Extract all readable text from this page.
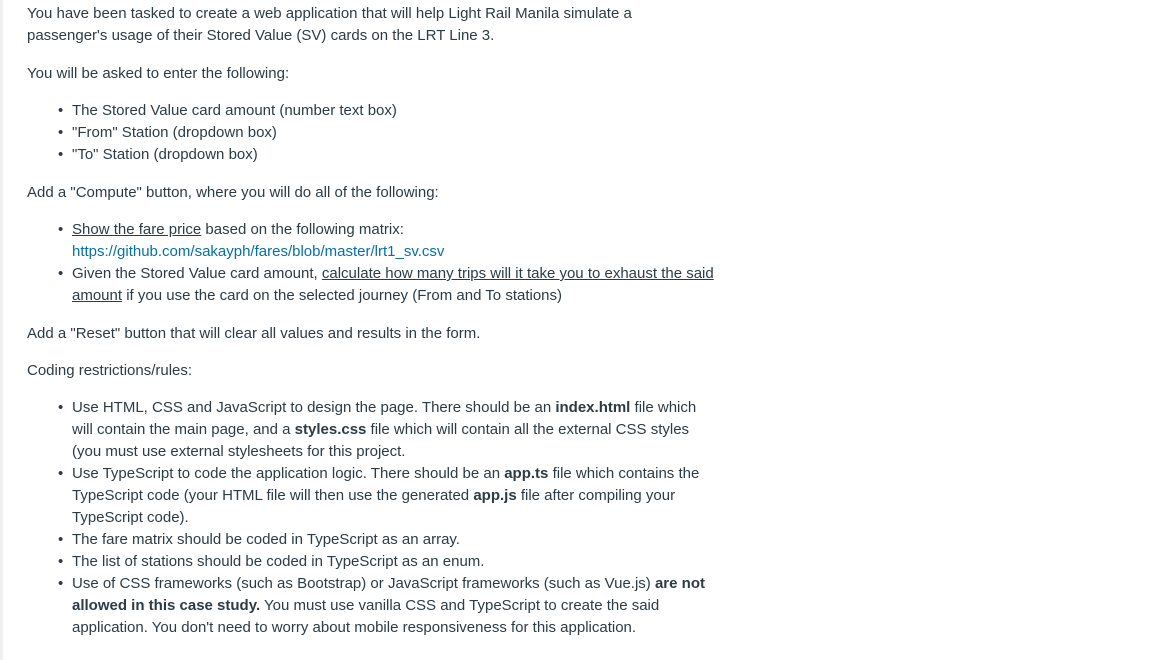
You have been tasked to create a web application that will help Light Rail Manila simulate a
passenger's usage of their Stored Value (SV) cards on the LRT Line 3.

You will be asked to enter the following:

• The Stored Value card amount (number text box)
• "From" Station (dropdown box)
• "To" Station (dropdown box)

Add a "Compute" button, where you will do all of the following:

• Show the fare price based on the following matrix:
https://github.com/sakayph/fares/blob/master/lrt1_sv.csv
• Given the Stored Value card amount, calculate how many trips will it take you to exhaust the said amount if you use the card on the selected journey (From and To stations)

Add a "Reset" button that will clear all values and results in the form.

Coding restrictions/rules:

• Use HTML, CSS and JavaScript to design the page. There should be an index.html file which will contain the main page, and a styles.css file which will contain all the external CSS styles (you must use external stylesheets for this project.
• Use TypeScript to code the application logic. There should be an app.ts file which contains the TypeScript code (your HTML file will then use the generated app.js file after compiling your TypeScript code).
• The fare matrix should be coded in TypeScript as an array.
• The list of stations should be coded in TypeScript as an enum.
• Use of CSS frameworks (such as Bootstrap) or JavaScript frameworks (such as Vue.js) are not allowed in this case study. You must use vanilla CSS and TypeScript to create the said application. You don't need to worry about mobile responsiveness for this application.
